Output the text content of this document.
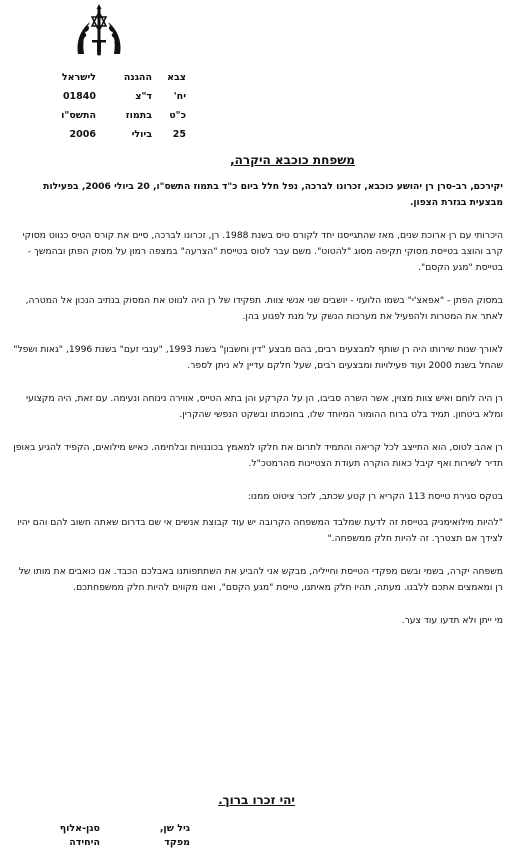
צבא
ההגנה
לישראל
יח'
ד"צ
01840
כ"ט
בתמוז
התשס"ו
25
ביולי
2006
משפחת כוכבא היקרה,

יקירכם, רב-סרן רן יהושע כוכבא, זכרונו לברכה, נפל חלל ביום כ"ד בתמוז התשס"ו, 20 ביולי 2006, בפעילות מבצעית בגזרת הצפון.

היכרותי עם רן ארוכת שנים, מאז שהתגייסנו יחד לקורס טיס בשנת 1988. רן, זכרונו לברכה, סיים את קורס הטיס כנווט מסוקי קרב והוצב בטייסת מסוקי תקיפה מסוג "להטוט". משם עבר לטוס בטייסת "הצרעה" במצפה רמון על מסוק הפתן ובהמשך - בטייסת "מגע הקסם".

במסוק הפתן - "אפאצ'י" בשמו הלועזי - יושבים שני אנשי צוות. תפקידו של רן היה לנווט את המסוק בנתיב הנכון אל המטרה, לאתר את המטרות ולהפעיל את מערכות הנשק על מנת לפגוע בהן.

לאורך שנות שירותו היה רן שותף למבצעים רבים, בהם מבצע "דין וחשבון" בשנת 1993, "ענבי זעם" בשנת 1996, "גאות ושפל" שהחל בשנת 2000 ועוד פעילויות ומבצעים רבים, שעל חלקם עדיין לא ניתן לספר.

רן היה לוחם ואיש צוות מצוין, אשר השרה סביבו, הן על הקרקע והן בתא הטייס, אווירה נינוחה ונעימה. עם זאת, היה מקצועי ומלא ביטחון. תמיד בלט ברוח ההומור המיוחד שלו, בחוכמתו ובשקט הנפשי שהקרין.

רן אהב לטוס, הוא התייצב לכל קריאה והתמיד לתרום את חלקו למאמץ בכוננויות ובלחימה. כאיש מילואים, הקפיד להגיע באופן תדיר לשירות ואף קיבל כאות הוקרה תעודת הצטיינות מהרמטכ"ל.

בטקס סגירת טייסת 113 הקריא רן קטע שכתב, לזכר ציטוט ממנו:

"להיות מילואימניק בטייסת זה לדעת שמלבד המשפחה הקרובה יש עוד קבוצת אנשים אי שם בדרום שאתה חשוב להם והם יהיו לצידך אם תצטרך. זה להיות חלק ממשפחה."

משפחה יקרה, בשמי ובשם מפקדי הטייסת וחייליה, מבקש אני להביע את השתתפותנו באבלכם הכבד. אנו כואבים את מותו של רן ומאמצים אתכם ללבנו. מעתה, תהיו חלק מאיתנו, טייסת "מגע הקסם", ואנו מקווים להיות חלק ממשפחתכם.

מי ייתן ולא תדעו עוד צער.

יהי זכרו ברוך.
גיל שן,
מפקד
סגן-אלוף
היחידה
